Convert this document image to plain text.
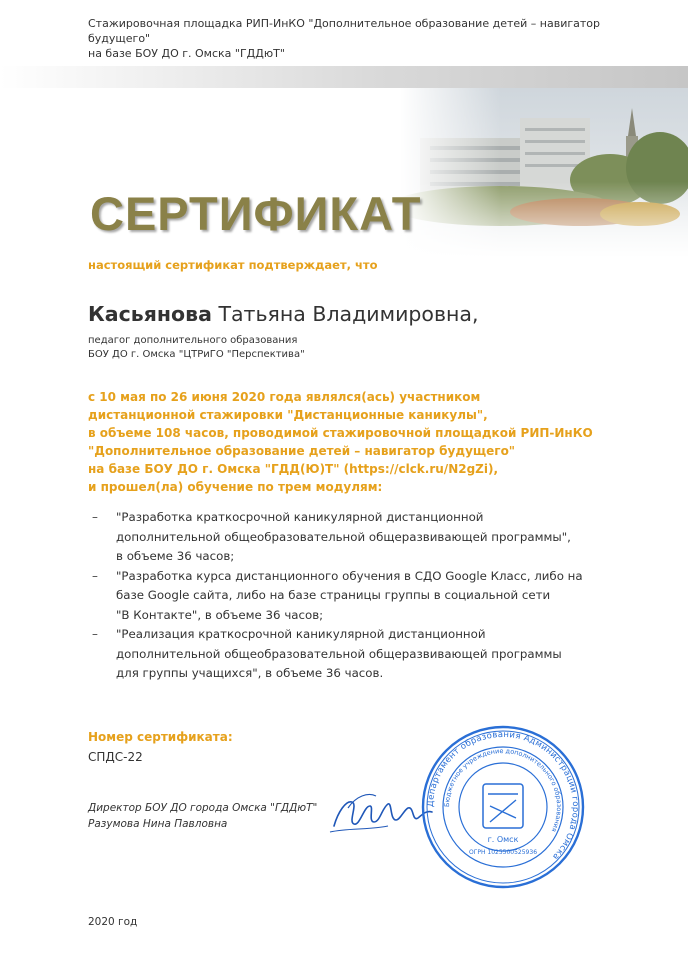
Стажировочная площадка РИП-ИнКО "Дополнительное образование детей – навигатор будущего"
на базе БОУ ДО г. Омска "ГДДюТ"
СЕРТИФИКАТ
настоящий сертификат подтверждает, что
Касьянова Татьяна Владимировна,
педагог дополнительного образования
БОУ ДО г. Омска "ЦТРиГО "Перспектива"
с 10 мая по 26 июня 2020 года являлся(ась) участником
дистанционной стажировки "Дистанционные каникулы",
в объеме 108 часов, проводимой стажировочной площадкой РИП-ИнКО
"Дополнительное образование детей – навигатор будущего"
на базе БОУ ДО г. Омска "ГДД(Ю)Т" (https://clck.ru/N2gZi),
и прошел(ла) обучение по трем модулям:
– "Разработка краткосрочной каникулярной дистанционной
дополнительной общеобразовательной общеразвивающей программы",
в объеме 36 часов;
– "Разработка курса дистанционного обучения в СДО Google Класс, либо на
базе Google сайта, либо на базе страницы группы в социальной сети
"В Контакте", в объеме 36 часов;
– "Реализация краткосрочной каникулярной дистанционной
дополнительной общеобразовательной общеразвивающей программы
для группы учащихся", в объеме 36 часов.
Номер сертификата:
СПДС-22
Директор БОУ ДО города Омска "ГДДюТ"
Разумова Нина Павловна
Департамент образования Администрации города Омска
Бюджетное учреждение дополнительного образования
г. Омск
ОГРН 1025500525936
2020 год
